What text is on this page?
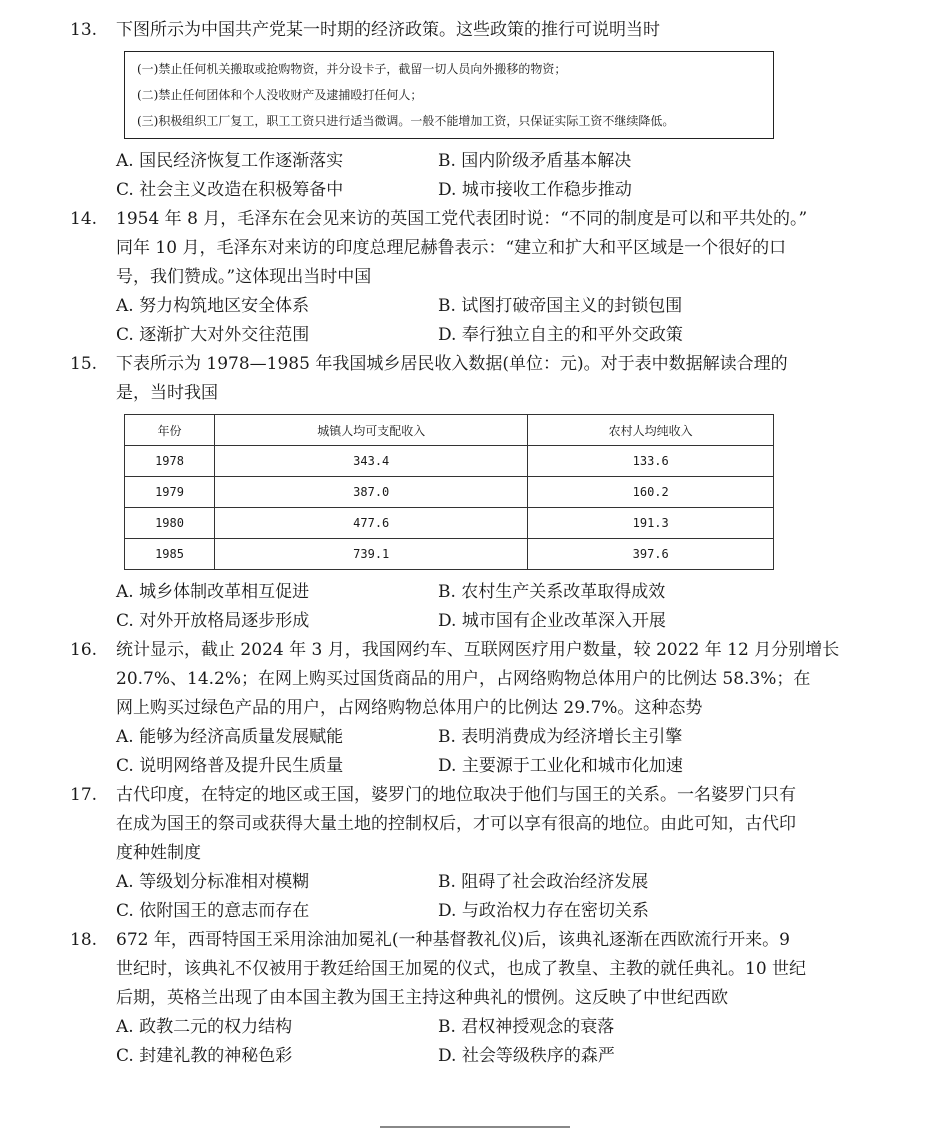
13. 下图所示为中国共产党某一时期的经济政策。这些政策的推行可说明当时
(一)禁止任何机关搬取或抢购物资，并分设卡子，截留一切人员向外搬移的物资；
(二)禁止任何团体和个人没收财产及逮捕殴打任何人；
(三)积极组织工厂复工，职工工资只进行适当微调。一般不能增加工资，只保证实际工资不继续降低。
A. 国民经济恢复工作逐渐落实	B. 国内阶级矛盾基本解决
C. 社会主义改造在积极筹备中	D. 城市接收工作稳步推动
14. 1954 年 8 月，毛泽东在会见来访的英国工党代表团时说：“不同的制度是可以和平共处的。”
同年 10 月，毛泽东对来访的印度总理尼赫鲁表示：“建立和扩大和平区域是一个很好的口
号，我们赞成。”这体现出当时中国
A. 努力构筑地区安全体系	B. 试图打破帝国主义的封锁包围
C. 逐渐扩大对外交往范围	D. 奉行独立自主的和平外交政策
15. 下表所示为 1978—1985 年我国城乡居民收入数据(单位：元)。对于表中数据解读合理的
是，当时我国
年份	城镇人均可支配收入	农村人均纯收入
1978	343.4	133.6
1979	387.0	160.2
1980	477.6	191.3
1985	739.1	397.6
A. 城乡体制改革相互促进	B. 农村生产关系改革取得成效
C. 对外开放格局逐步形成	D. 城市国有企业改革深入开展
16. 统计显示，截止 2024 年 3 月，我国网约车、互联网医疗用户数量，较 2022 年 12 月分别增长
20.7%、14.2%；在网上购买过国货商品的用户，占网络购物总体用户的比例达 58.3%；在
网上购买过绿色产品的用户，占网络购物总体用户的比例达 29.7%。这种态势
A. 能够为经济高质量发展赋能	B. 表明消费成为经济增长主引擎
C. 说明网络普及提升民生质量	D. 主要源于工业化和城市化加速
17. 古代印度，在特定的地区或王国，婆罗门的地位取决于他们与国王的关系。一名婆罗门只有
在成为国王的祭司或获得大量土地的控制权后，才可以享有很高的地位。由此可知，古代印
度种姓制度
A. 等级划分标准相对模糊	B. 阻碍了社会政治经济发展
C. 依附国王的意志而存在	D. 与政治权力存在密切关系
18. 672 年，西哥特国王采用涂油加冕礼(一种基督教礼仪)后，该典礼逐渐在西欧流行开来。9
世纪时，该典礼不仅被用于教廷给国王加冕的仪式，也成了教皇、主教的就任典礼。10 世纪
后期，英格兰出现了由本国主教为国王主持这种典礼的惯例。这反映了中世纪西欧
A. 政教二元的权力结构	B. 君权神授观念的衰落
C. 封建礼教的神秘色彩	D. 社会等级秩序的森严
